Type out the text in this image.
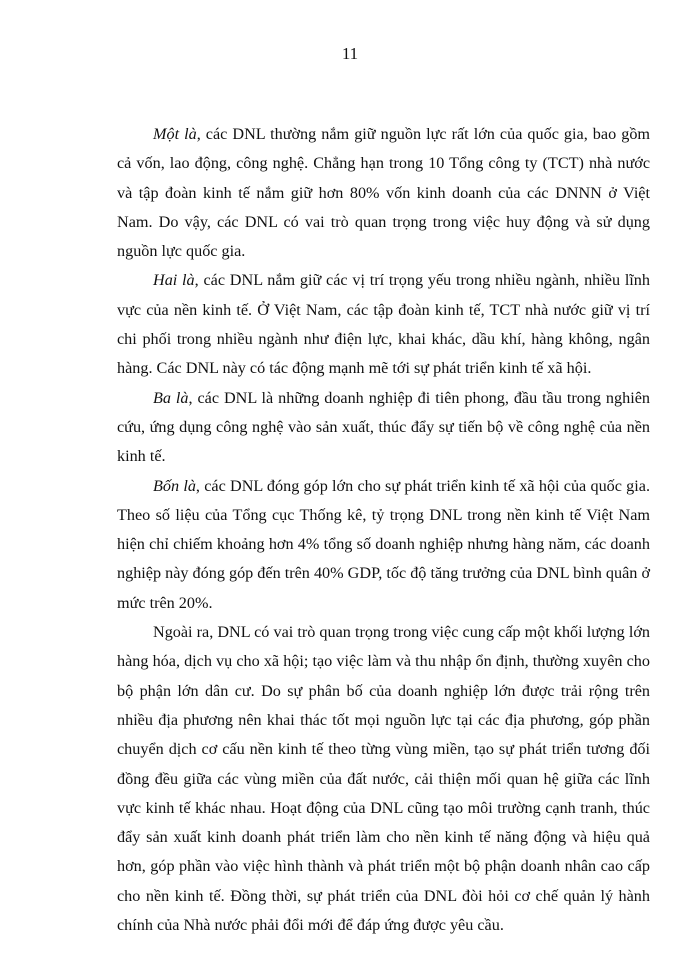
11

Một là, các DNL thường nắm giữ nguồn lực rất lớn của quốc gia, bao gồm cả vốn, lao động, công nghệ. Chẳng hạn trong 10 Tổng công ty (TCT) nhà nước và tập đoàn kinh tế nắm giữ hơn 80% vốn kinh doanh của các DNNN ở Việt Nam. Do vậy, các DNL có vai trò quan trọng trong việc huy động và sử dụng nguồn lực quốc gia.

Hai là, các DNL nắm giữ các vị trí trọng yếu trong nhiều ngành, nhiều lĩnh vực của nền kinh tế. Ở Việt Nam, các tập đoàn kinh tế, TCT nhà nước giữ vị trí chi phối trong nhiều ngành như điện lực, khai khác, dầu khí, hàng không, ngân hàng. Các DNL này có tác động mạnh mẽ tới sự phát triển kinh tế xã hội.

Ba là, các DNL là những doanh nghiệp đi tiên phong, đầu tầu trong nghiên cứu, ứng dụng công nghệ vào sản xuất, thúc đẩy sự tiến bộ về công nghệ của nền kinh tế.

Bốn là, các DNL đóng góp lớn cho sự phát triển kinh tế xã hội của quốc gia. Theo số liệu của Tổng cục Thống kê, tỷ trọng DNL trong nền kinh tế Việt Nam hiện chỉ chiếm khoảng hơn 4% tổng số doanh nghiệp nhưng hàng năm, các doanh nghiệp này đóng góp đến trên 40% GDP, tốc độ tăng trưởng của DNL bình quân ở mức trên 20%.

Ngoài ra, DNL có vai trò quan trọng trong việc cung cấp một khối lượng lớn hàng hóa, dịch vụ cho xã hội; tạo việc làm và thu nhập ổn định, thường xuyên cho bộ phận lớn dân cư. Do sự phân bố của doanh nghiệp lớn được trải rộng trên nhiều địa phương nên khai thác tốt mọi nguồn lực tại các địa phương, góp phần chuyển dịch cơ cấu nền kinh tế theo từng vùng miền, tạo sự phát triển tương đối đồng đều giữa các vùng miền của đất nước, cải thiện mối quan hệ giữa các lĩnh vực kinh tế khác nhau. Hoạt động của DNL cũng tạo môi trường cạnh tranh, thúc đẩy sản xuất kinh doanh phát triển làm cho nền kinh tế năng động và hiệu quả hơn, góp phần vào việc hình thành và phát triển một bộ phận doanh nhân cao cấp cho nền kinh tế. Đồng thời, sự phát triển của DNL đòi hỏi cơ chế quản lý hành chính của Nhà nước phải đổi mới để đáp ứng được yêu cầu.
